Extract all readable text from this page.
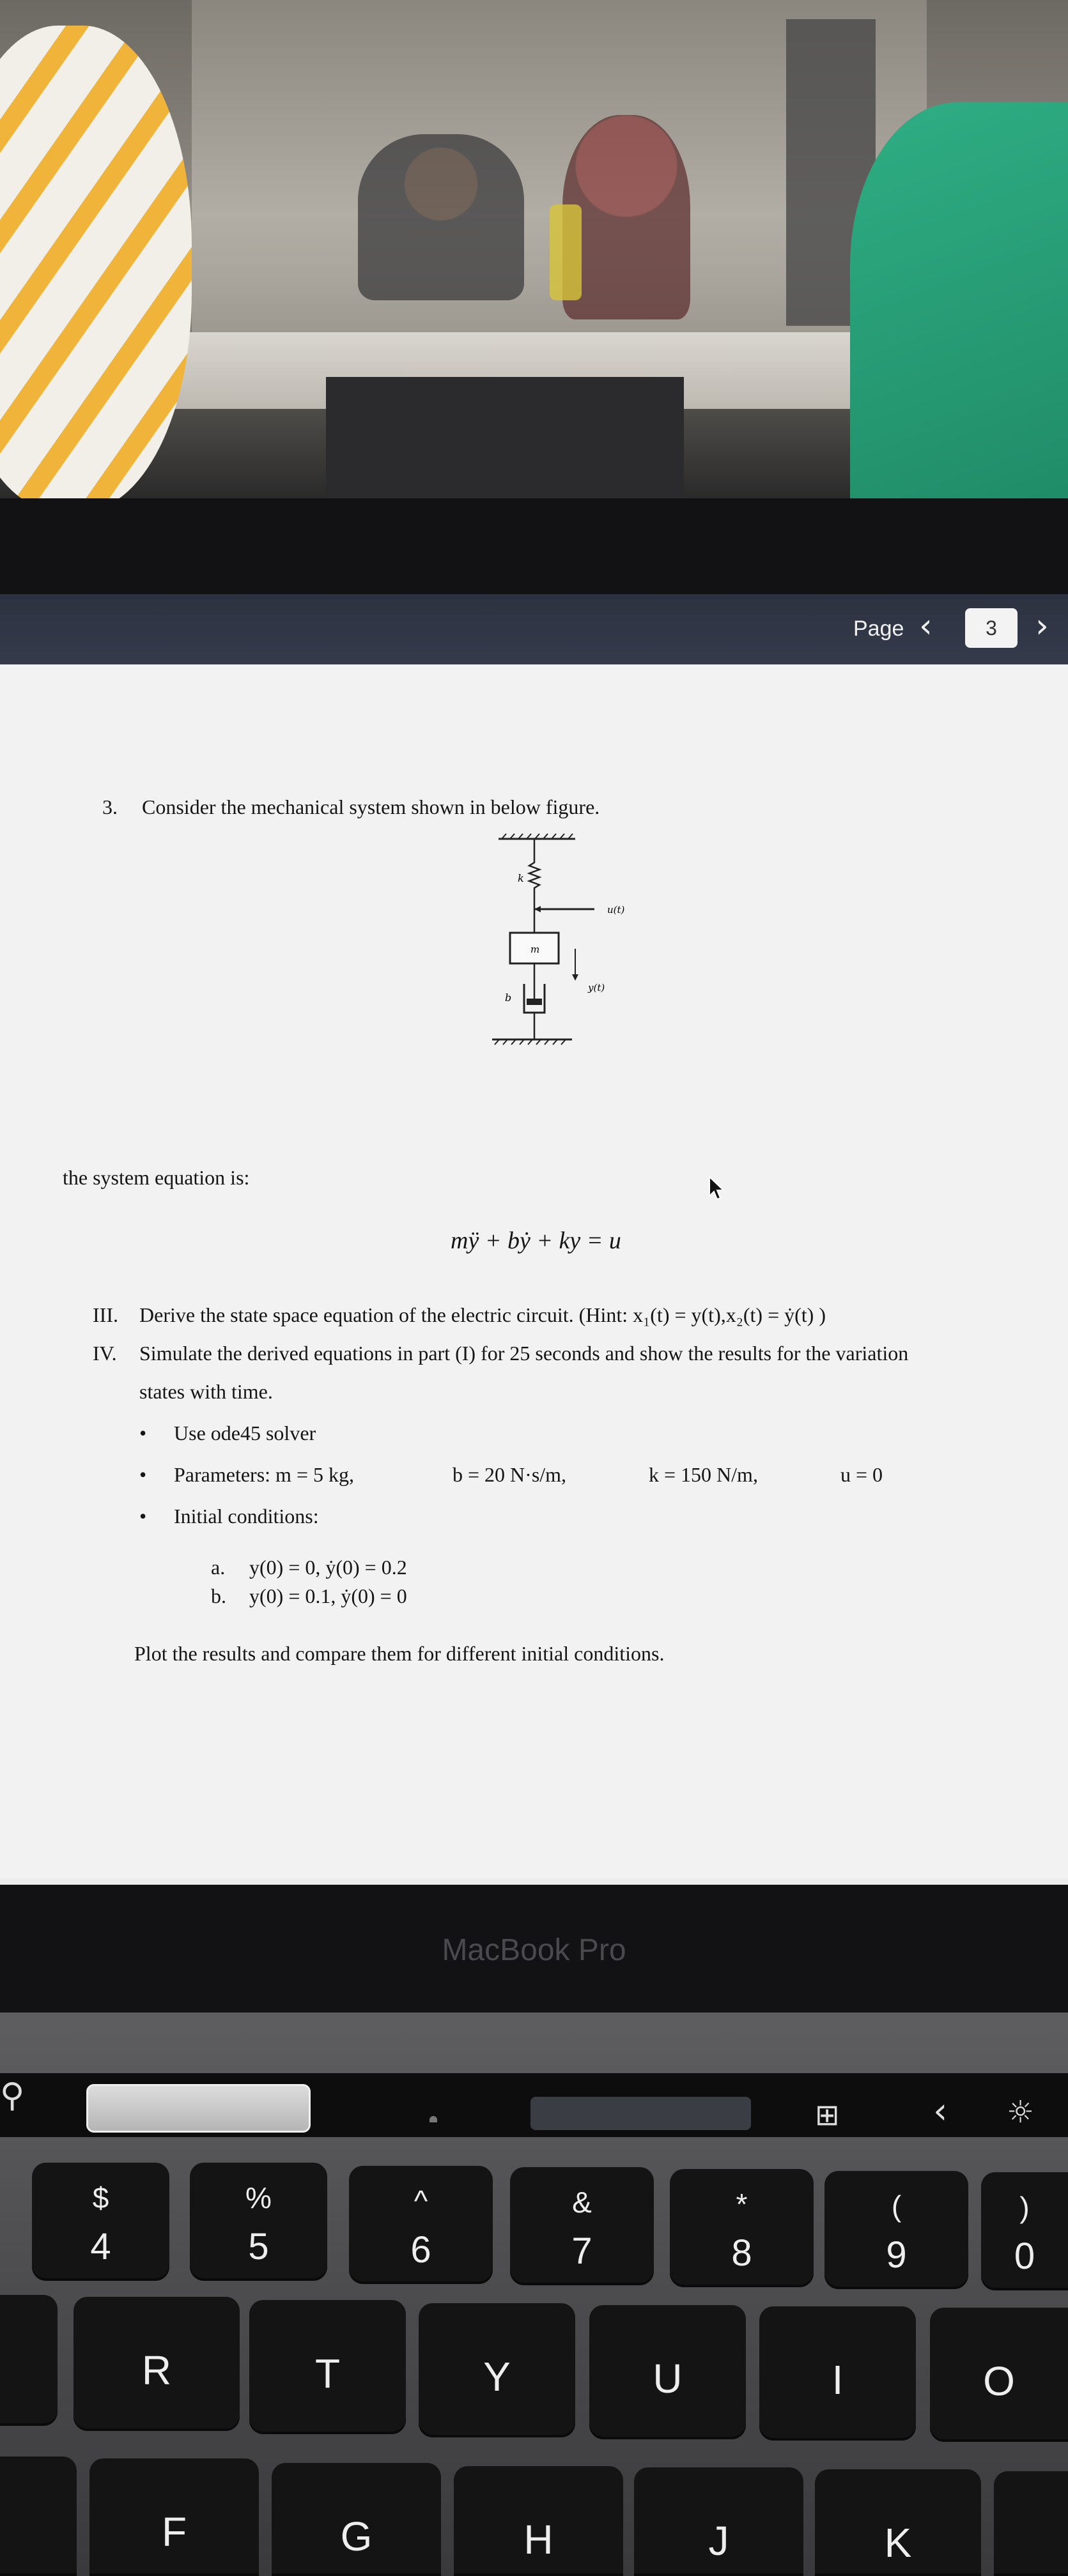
Page ‹	3	›
3. Consider the mechanical system shown in below figure.
k
u(t)
m
y(t)
b
the system equation is:
mÿ + bẏ + ky = u
III. Derive the state space equation of the electric circuit. (Hint: x₁(t) = y(t),x₂(t) = ẏ(t) )
IV. Simulate the derived equations in part (I) for 25 seconds and show the results for the variation
states with time.
• Use ode45 solver
• Parameters: m = 5 kg,	b = 20 N·s/m,	k = 150 N/m,	u = 0
• Initial conditions:
a. y(0) = 0, ẏ(0) = 0.2
b. y(0) = 0.1, ẏ(0) = 0
Plot the results and compare them for different initial conditions.
MacBook Pro
⚲	⊞	‹ ☼
$
4
%
5
^
6
&
7
*
8
(
9
)
0
R	T	Y	U	I	O
F	G	H	J	K
